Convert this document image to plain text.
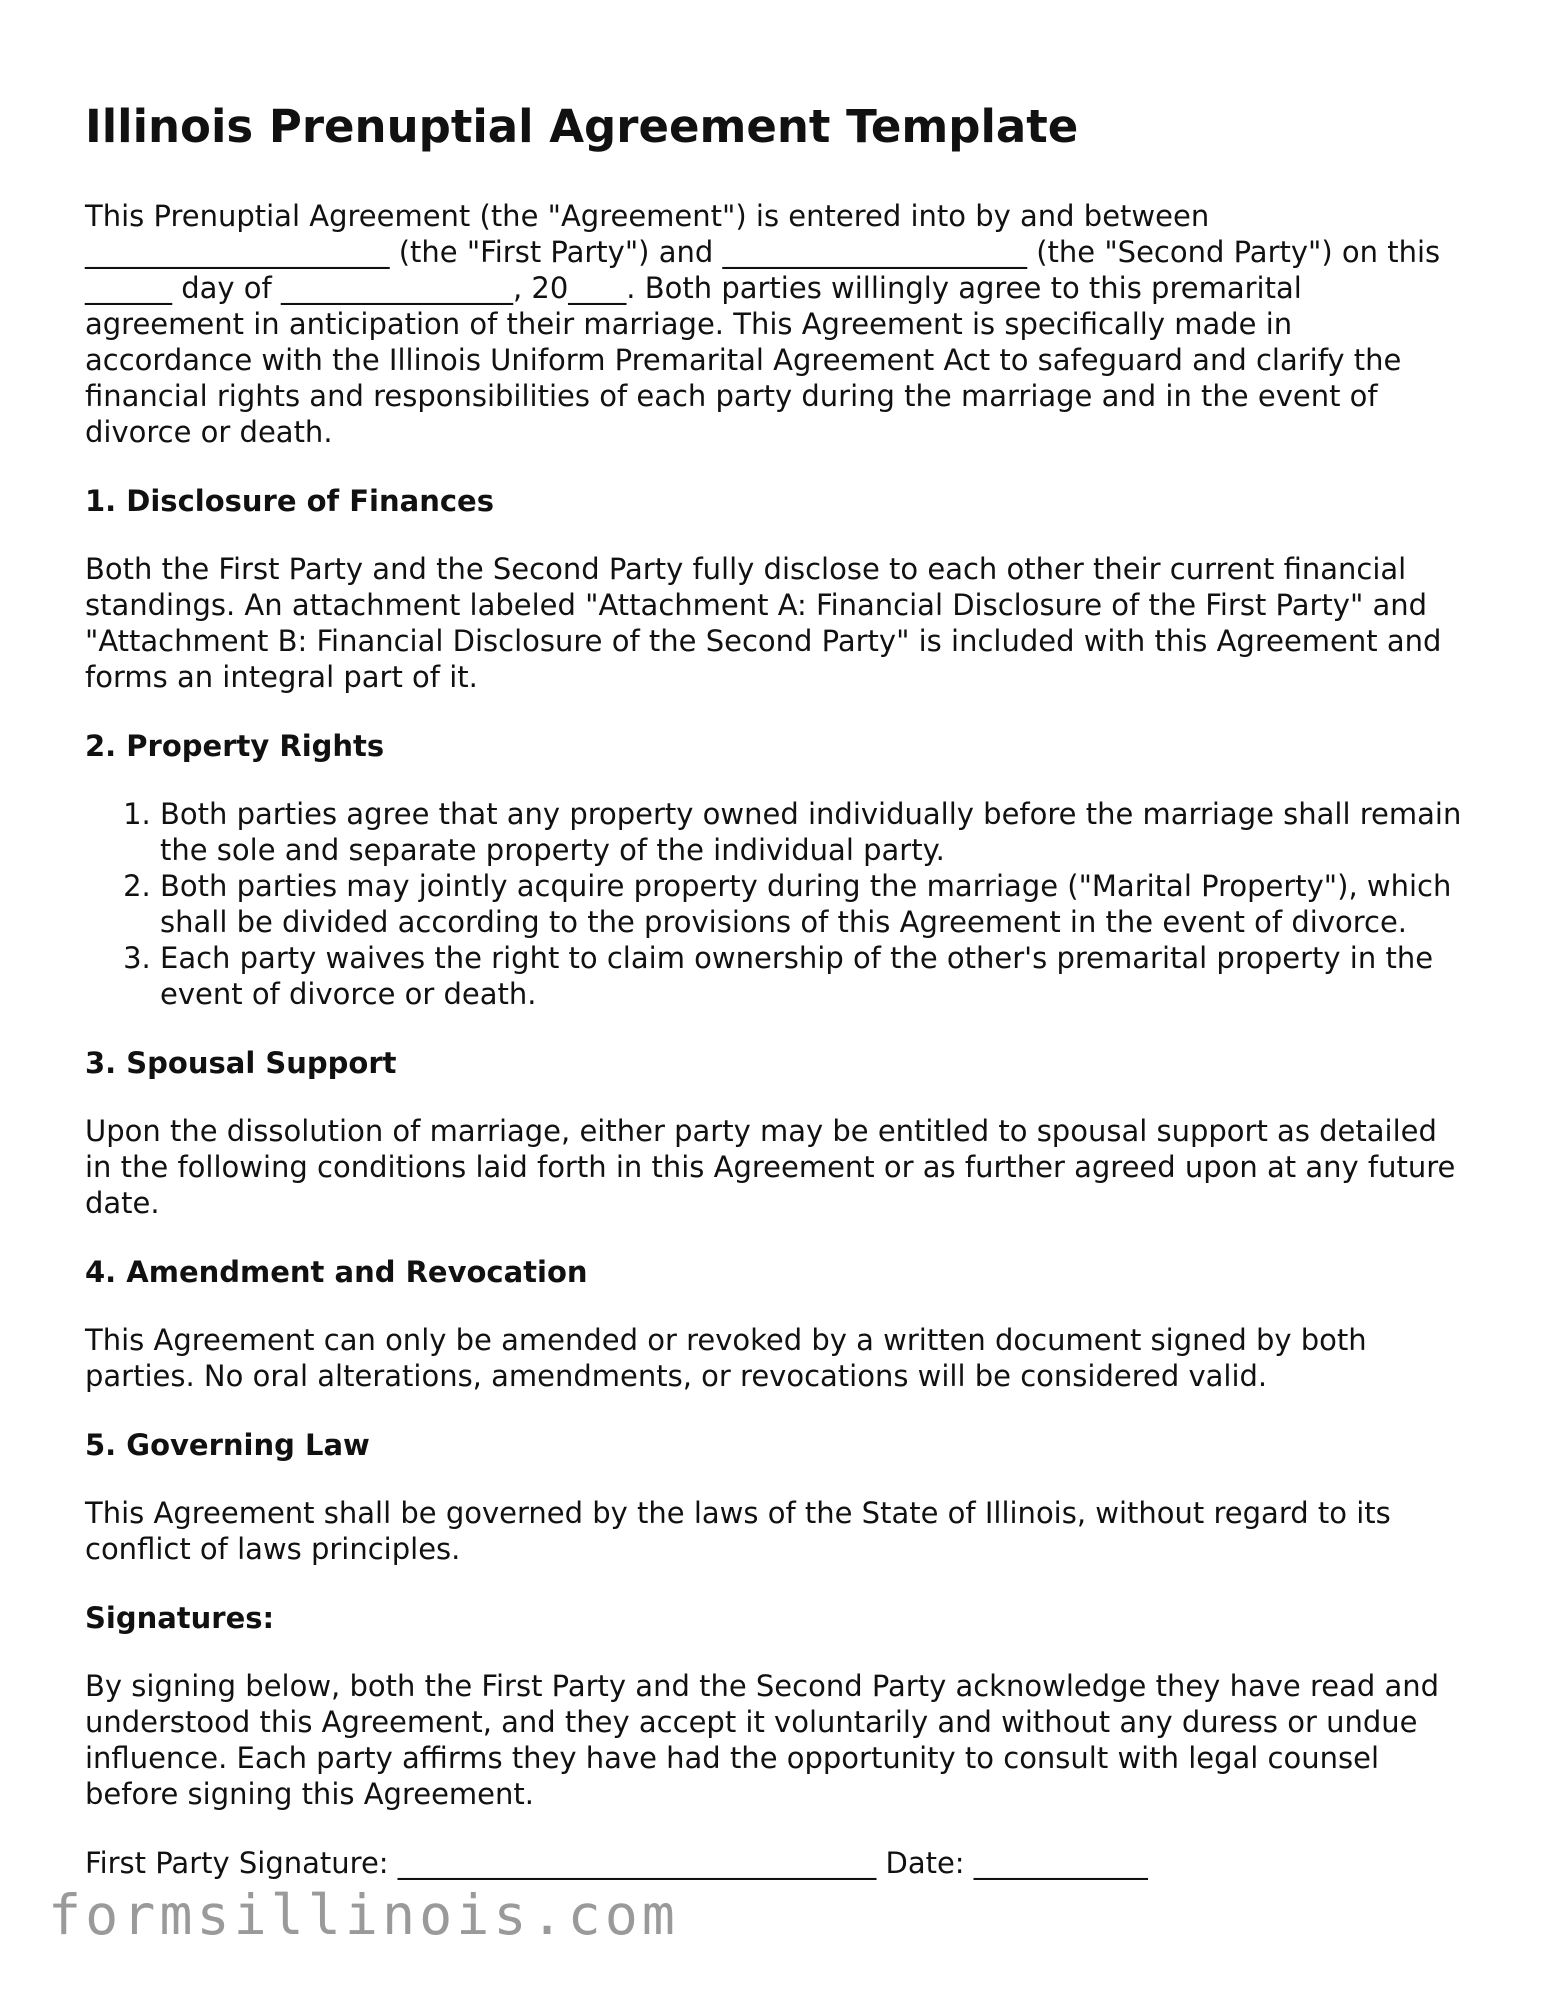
Illinois Prenuptial Agreement Template

This Prenuptial Agreement (the "Agreement") is entered into by and between _____________________ (the "First Party") and _____________________ (the "Second Party") on this ______ day of ________________, 20____. Both parties willingly agree to this premarital agreement in anticipation of their marriage. This Agreement is specifically made in accordance with the Illinois Uniform Premarital Agreement Act to safeguard and clarify the financial rights and responsibilities of each party during the marriage and in the event of divorce or death.

1. Disclosure of Finances

Both the First Party and the Second Party fully disclose to each other their current financial standings. An attachment labeled "Attachment A: Financial Disclosure of the First Party" and "Attachment B: Financial Disclosure of the Second Party" is included with this Agreement and forms an integral part of it.

2. Property Rights
1. Both parties agree that any property owned individually before the marriage shall remain the sole and separate property of the individual party.
2. Both parties may jointly acquire property during the marriage ("Marital Property"), which shall be divided according to the provisions of this Agreement in the event of divorce.
3. Each party waives the right to claim ownership of the other's premarital property in the event of divorce or death.
3. Spousal Support

Upon the dissolution of marriage, either party may be entitled to spousal support as detailed in the following conditions laid forth in this Agreement or as further agreed upon at any future date.

4. Amendment and Revocation

This Agreement can only be amended or revoked by a written document signed by both parties. No oral alterations, amendments, or revocations will be considered valid.

5. Governing Law

This Agreement shall be governed by the laws of the State of Illinois, without regard to its conflict of laws principles.

Signatures:

By signing below, both the First Party and the Second Party acknowledge they have read and understood this Agreement, and they accept it voluntarily and without any duress or undue influence. Each party affirms they have had the opportunity to consult with legal counsel before signing this Agreement.

First Party Signature: _________________________________ Date: ____________
formsillinois.com
